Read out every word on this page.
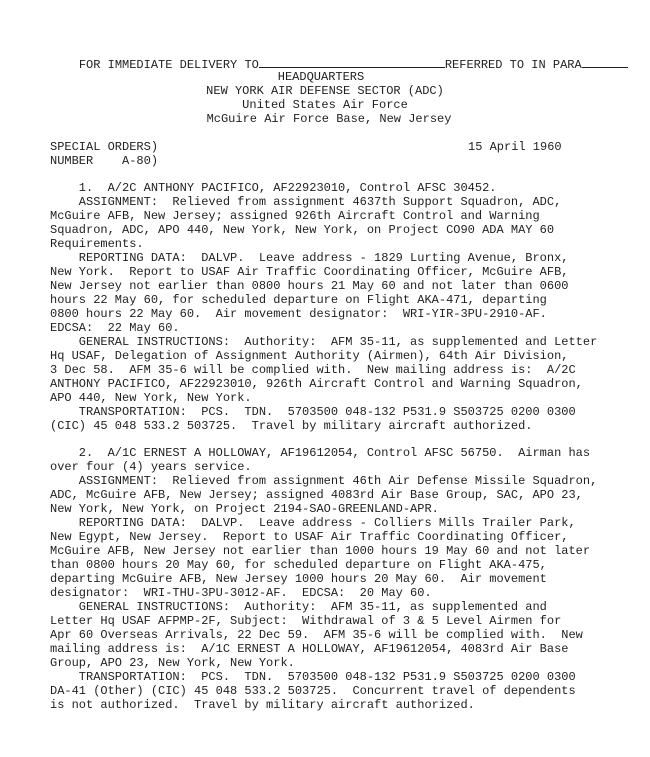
FOR IMMEDIATE DELIVERY TO	REFERRED TO IN PARA

HEADQUARTERS
NEW YORK AIR DEFENSE SECTOR (ADC)
United States Air Force
McGuire Air Force Base, New Jersey
SPECIAL ORDERS)
NUMBER    A-80)
15 April 1960
1.  A/2C ANTHONY PACIFICO, AF22923010, Control AFSC 30452.
ASSIGNMENT:  Relieved from assignment 4637th Support Squadron, ADC,
McGuire AFB, New Jersey; assigned 926th Aircraft Control and Warning
Squadron, ADC, APO 440, New York, New York, on Project CO90 ADA MAY 60
Requirements.
REPORTING DATA:  DALVP.  Leave address - 1829 Lurting Avenue, Bronx,
New York.  Report to USAF Air Traffic Coordinating Officer, McGuire AFB,
New Jersey not earlier than 0800 hours 21 May 60 and not later than 0600
hours 22 May 60, for scheduled departure on Flight AKA-471, departing
0800 hours 22 May 60.  Air movement designator:  WRI-YIR-3PU-2910-AF.
EDCSA:  22 May 60.
GENERAL INSTRUCTIONS:  Authority:  AFM 35-11, as supplemented and Letter
Hq USAF, Delegation of Assignment Authority (Airmen), 64th Air Division,
3 Dec 58.  AFM 35-6 will be complied with.  New mailing address is:  A/2C
ANTHONY PACIFICO, AF22923010, 926th Aircraft Control and Warning Squadron,
APO 440, New York, New York.
TRANSPORTATION:  PCS.  TDN.  5703500 048-132 P531.9 S503725 0200 0300
(CIC) 45 048 533.2 503725.  Travel by military aircraft authorized.
2.  A/1C ERNEST A HOLLOWAY, AF19612054, Control AFSC 56750.  Airman has
over four (4) years service.
ASSIGNMENT:  Relieved from assignment 46th Air Defense Missile Squadron,
ADC, McGuire AFB, New Jersey; assigned 4083rd Air Base Group, SAC, APO 23,
New York, New York, on Project 2194-SAO-GREENLAND-APR.
REPORTING DATA:  DALVP.  Leave address - Colliers Mills Trailer Park,
New Egypt, New Jersey.  Report to USAF Air Traffic Coordinating Officer,
McGuire AFB, New Jersey not earlier than 1000 hours 19 May 60 and not later
than 0800 hours 20 May 60, for scheduled departure on Flight AKA-475,
departing McGuire AFB, New Jersey 1000 hours 20 May 60.  Air movement
designator:  WRI-THU-3PU-3012-AF.  EDCSA:  20 May 60.
GENERAL INSTRUCTIONS:  Authority:  AFM 35-11, as supplemented and
Letter Hq USAF AFPMP-2F, Subject:  Withdrawal of 3 & 5 Level Airmen for
Apr 60 Overseas Arrivals, 22 Dec 59.  AFM 35-6 will be complied with.  New
mailing address is:  A/1C ERNEST A HOLLOWAY, AF19612054, 4083rd Air Base
Group, APO 23, New York, New York.
TRANSPORTATION:  PCS.  TDN.  5703500 048-132 P531.9 S503725 0200 0300
DA-41 (Other) (CIC) 45 048 533.2 503725.  Concurrent travel of dependents
is not authorized.  Travel by military aircraft authorized.
